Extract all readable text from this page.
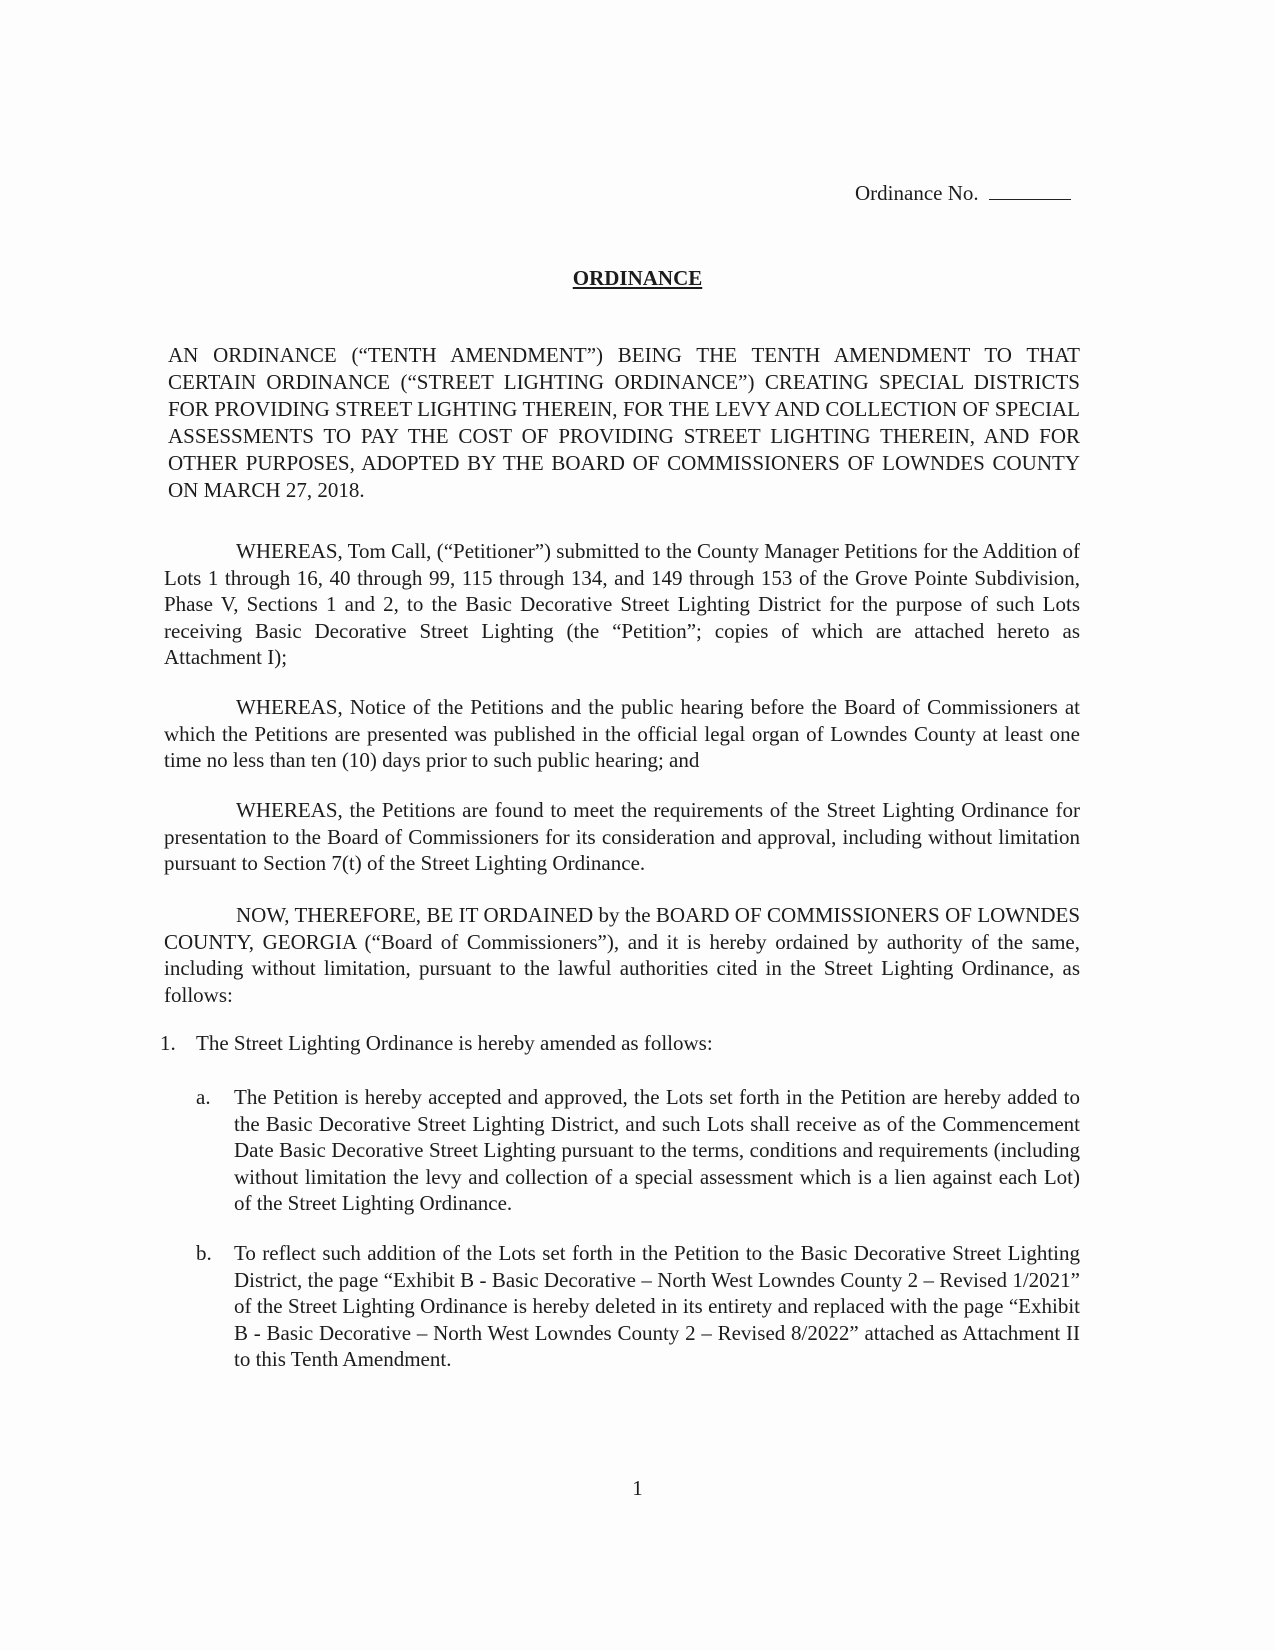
Ordinance No.
ORDINANCE

AN ORDINANCE (“TENTH AMENDMENT”) BEING THE TENTH AMENDMENT TO THAT CERTAIN ORDINANCE (“STREET LIGHTING ORDINANCE”) CREATING SPECIAL DISTRICTS FOR PROVIDING STREET LIGHTING THEREIN, FOR THE LEVY AND COLLECTION OF SPECIAL ASSESSMENTS TO PAY THE COST OF PROVIDING STREET LIGHTING THEREIN, AND FOR OTHER PURPOSES, ADOPTED BY THE BOARD OF COMMISSIONERS OF LOWNDES COUNTY ON MARCH 27, 2018.

WHEREAS, Tom Call, (“Petitioner”) submitted to the County Manager Petitions for the Addition of Lots 1 through 16, 40 through 99, 115 through 134, and 149 through 153 of the Grove Pointe Subdivision, Phase V, Sections 1 and 2, to the Basic Decorative Street Lighting District for the purpose of such Lots receiving Basic Decorative Street Lighting (the “Petition”; copies of which are attached hereto as Attachment I);

WHEREAS, Notice of the Petitions and the public hearing before the Board of Commissioners at which the Petitions are presented was published in the official legal organ of Lowndes County at least one time no less than ten (10) days prior to such public hearing; and

WHEREAS, the Petitions are found to meet the requirements of the Street Lighting Ordinance for presentation to the Board of Commissioners for its consideration and approval, including without limitation pursuant to Section 7(t) of the Street Lighting Ordinance.

NOW, THEREFORE, BE IT ORDAINED by the BOARD OF COMMISSIONERS OF LOWNDES COUNTY, GEORGIA (“Board of Commissioners”), and it is hereby ordained by authority of the same, including without limitation, pursuant to the lawful authorities cited in the Street Lighting Ordinance, as follows:

1. The Street Lighting Ordinance is hereby amended as follows:

a.	The Petition is hereby accepted and approved, the Lots set forth in the Petition are hereby added to the Basic Decorative Street Lighting District, and such Lots shall receive as of the Commencement Date Basic Decorative Street Lighting pursuant to the terms, conditions and requirements (including without limitation the levy and collection of a special assessment which is a lien against each Lot) of the Street Lighting Ordinance.
b.	To reflect such addition of the Lots set forth in the Petition to the Basic Decorative Street Lighting District, the page “Exhibit B - Basic Decorative – North West Lowndes County 2 – Revised 1/2021” of the Street Lighting Ordinance is hereby deleted in its entirety and replaced with the page “Exhibit B - Basic Decorative – North West Lowndes County 2 – Revised 8/2022” attached as Attachment II to this Tenth Amendment.
1
